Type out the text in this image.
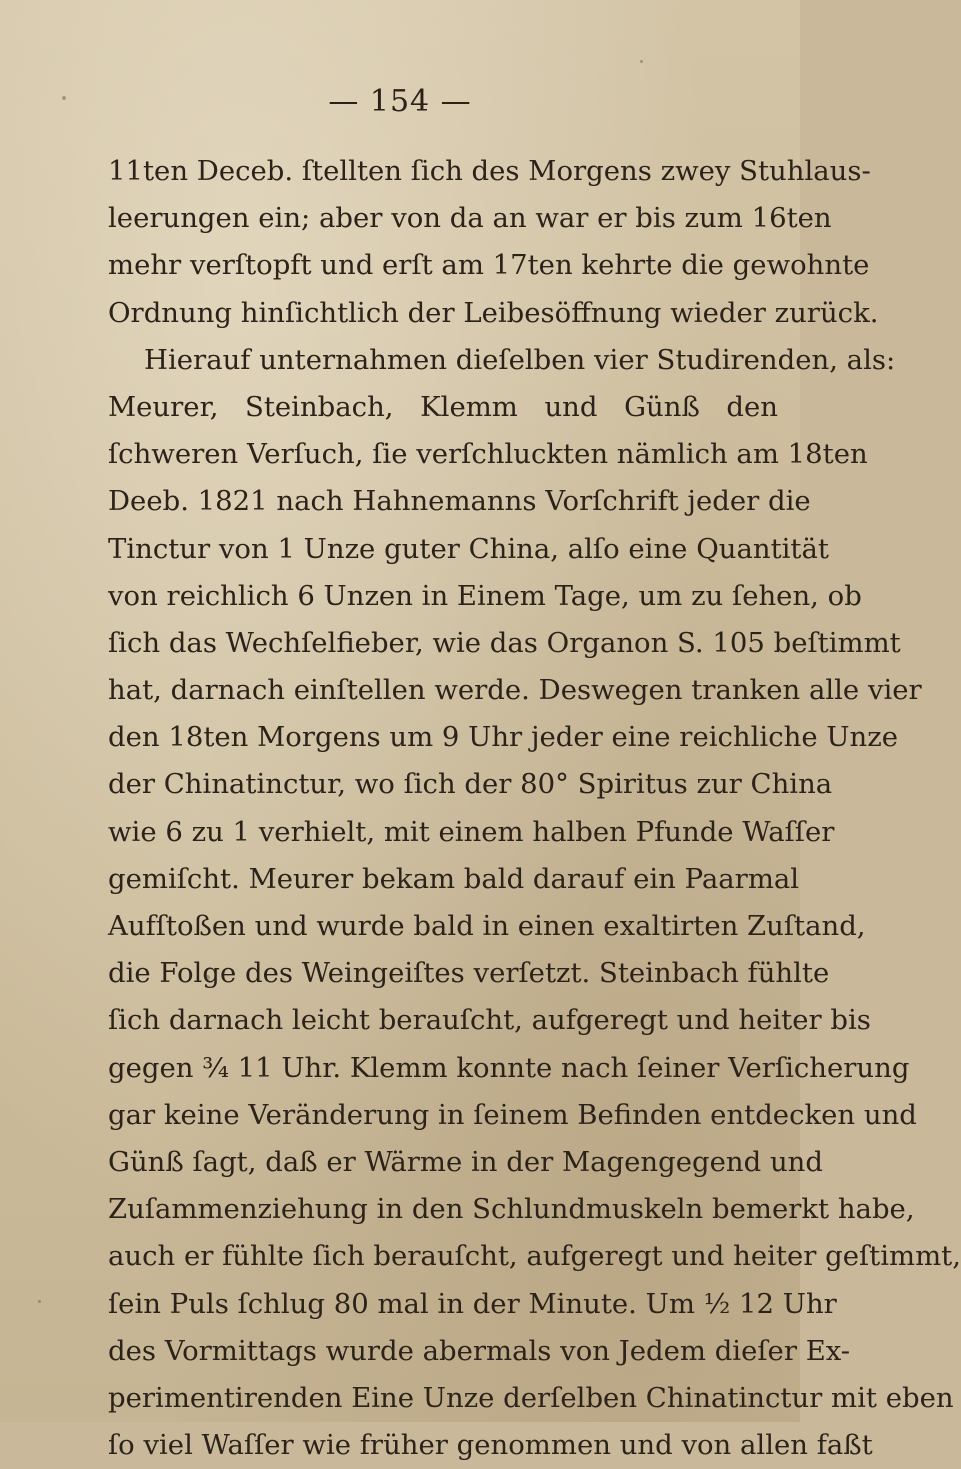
— 154 —
11ten Deceb. ſtellten ſich des Morgens zwey Stuhlaus-
leerungen ein; aber von da an war er bis zum 16ten
mehr verſtopft und erſt am 17ten kehrte die gewohnte
Ordnung hinſichtlich der Leibesöffnung wieder zurück.
Hierauf unternahmen dieſelben vier Studirenden, als:
Meurer, Steinbach, Klemm und Günß den
ſchweren Verſuch, ſie verſchluckten nämlich am 18ten
Deeb. 1821 nach Hahnemanns Vorſchrift jeder die
Tinctur von 1 Unze guter China, alſo eine Quantität
von reichlich 6 Unzen in Einem Tage, um zu ſehen, ob
ſich das Wechſelfieber, wie das Organon S. 105 beſtimmt
hat, darnach einſtellen werde. Deswegen tranken alle vier
den 18ten Morgens um 9 Uhr jeder eine reichliche Unze
der Chinatinctur, wo ſich der 80° Spiritus zur China
wie 6 zu 1 verhielt, mit einem halben Pfunde Waſſer
gemiſcht. Meurer bekam bald darauf ein Paarmal
Aufſtoßen und wurde bald in einen exaltirten Zuſtand,
die Folge des Weingeiſtes verſetzt. Steinbach fühlte
ſich darnach leicht berauſcht, aufgeregt und heiter bis
gegen ¾ 11 Uhr. Klemm konnte nach ſeiner Verſicherung
gar keine Veränderung in ſeinem Befinden entdecken und
Günß ſagt, daß er Wärme in der Magengegend und
Zuſammenziehung in den Schlundmuskeln bemerkt habe,
auch er fühlte ſich berauſcht, aufgeregt und heiter geſtimmt,
ſein Puls ſchlug 80 mal in der Minute. Um ½ 12 Uhr
des Vormittags wurde abermals von Jedem dieſer Ex-
perimentirenden Eine Unze derſelben Chinatinctur mit eben
ſo viel Waſſer wie früher genommen und von allen faßt
